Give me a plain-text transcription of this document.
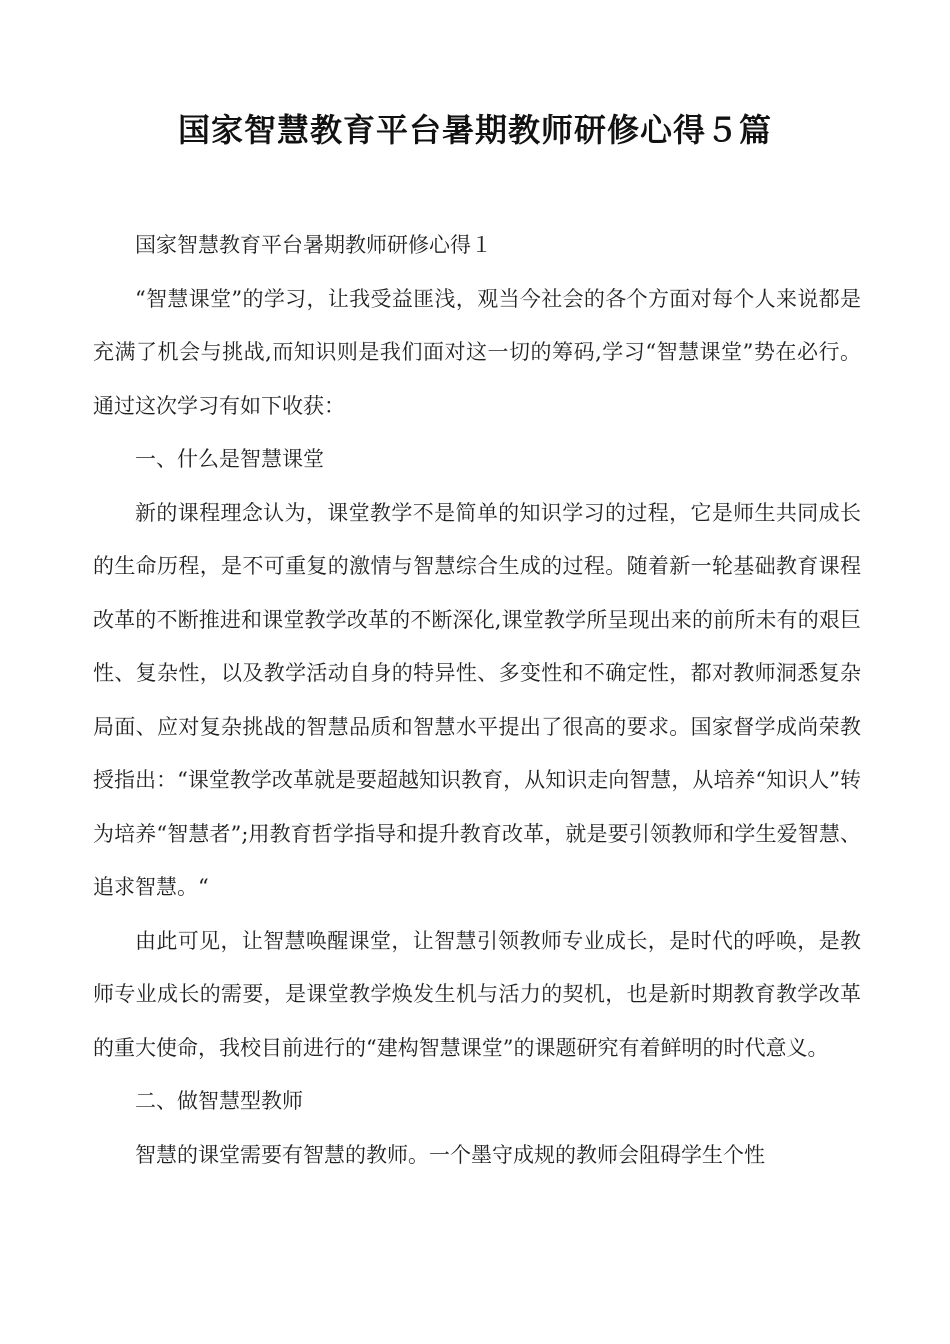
国家智慧教育平台暑期教师研修心得５篇

国家智慧教育平台暑期教师研修心得１

“智慧课堂”的学习，让我受益匪浅，观当今社会的各个方面对每个人来说都是充满了机会与挑战,而知识则是我们面对这一切的筹码,学习“智慧课堂”势在必行。通过这次学习有如下收获：

一、什么是智慧课堂

新的课程理念认为，课堂教学不是简单的知识学习的过程，它是师生共同成长的生命历程，是不可重复的激情与智慧综合生成的过程。随着新一轮基础教育课程改革的不断推进和课堂教学改革的不断深化,课堂教学所呈现出来的前所未有的艰巨性、复杂性，以及教学活动自身的特异性、多变性和不确定性，都对教师洞悉复杂局面、应对复杂挑战的智慧品质和智慧水平提出了很高的要求。国家督学成尚荣教授指出：“课堂教学改革就是要超越知识教育，从知识走向智慧，从培养“知识人”转为培养“智慧者”;用教育哲学指导和提升教育改革，就是要引领教师和学生爱智慧、追求智慧。“

由此可见，让智慧唤醒课堂，让智慧引领教师专业成长，是时代的呼唤，是教师专业成长的需要，是课堂教学焕发生机与活力的契机，也是新时期教育教学改革的重大使命，我校目前进行的“建构智慧课堂”的课题研究有着鲜明的时代意义。

二、做智慧型教师

智慧的课堂需要有智慧的教师。一个墨守成规的教师会阻碍学生个性
